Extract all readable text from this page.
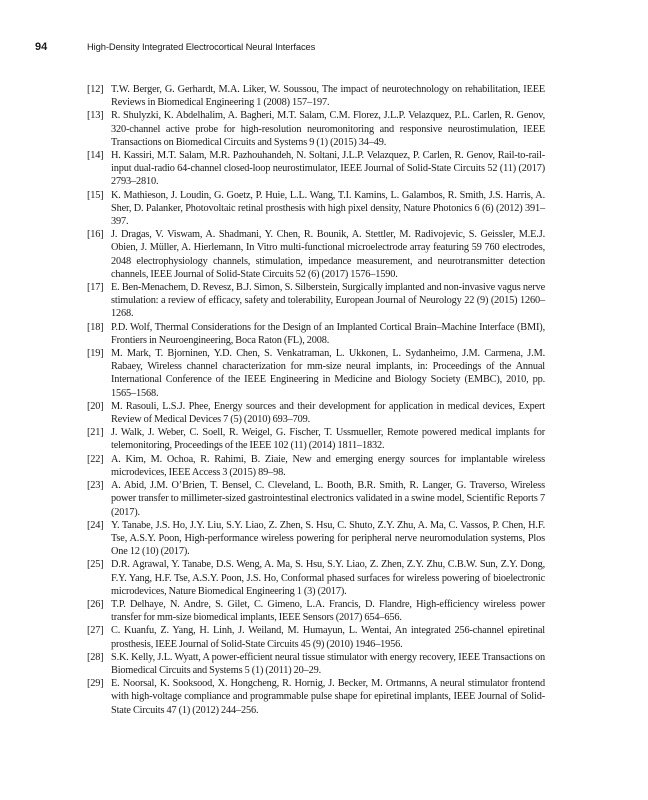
94	High-Density Integrated Electrocortical Neural Interfaces
[12] T.W. Berger, G. Gerhardt, M.A. Liker, W. Soussou, The impact of neurotechnology on rehabilitation, IEEE Reviews in Biomedical Engineering 1 (2008) 157–197.
[13] R. Shulyzki, K. Abdelhalim, A. Bagheri, M.T. Salam, C.M. Florez, J.L.P. Velazquez, P.L. Carlen, R. Genov, 320-channel active probe for high-resolution neuromonitoring and responsive neurostimulation, IEEE Transactions on Biomedical Circuits and Systems 9 (1) (2015) 34–49.
[14] H. Kassiri, M.T. Salam, M.R. Pazhouhandeh, N. Soltani, J.L.P. Velazquez, P. Carlen, R. Genov, Rail-to-rail-input dual-radio 64-channel closed-loop neurostimulator, IEEE Journal of Solid-State Circuits 52 (11) (2017) 2793–2810.
[15] K. Mathieson, J. Loudin, G. Goetz, P. Huie, L.L. Wang, T.I. Kamins, L. Galambos, R. Smith, J.S. Harris, A. Sher, D. Palanker, Photovoltaic retinal prosthesis with high pixel density, Nature Photonics 6 (6) (2012) 391–397.
[16] J. Dragas, V. Viswam, A. Shadmani, Y. Chen, R. Bounik, A. Stettler, M. Radivojevic, S. Geissler, M.E.J. Obien, J. Müller, A. Hierlemann, In Vitro multi-functional microelectrode array featuring 59 760 electrodes, 2048 electrophysiology channels, stimulation, impedance measurement, and neurotransmitter detection channels, IEEE Journal of Solid-State Circuits 52 (6) (2017) 1576–1590.
[17] E. Ben-Menachem, D. Revesz, B.J. Simon, S. Silberstein, Surgically implanted and non-invasive vagus nerve stimulation: a review of efficacy, safety and tolerability, European Journal of Neurology 22 (9) (2015) 1260–1268.
[18] P.D. Wolf, Thermal Considerations for the Design of an Implanted Cortical Brain–Machine Interface (BMI), Frontiers in Neuroengineering, Boca Raton (FL), 2008.
[19] M. Mark, T. Bjorninen, Y.D. Chen, S. Venkatraman, L. Ukkonen, L. Sydanheimo, J.M. Carmena, J.M. Rabaey, Wireless channel characterization for mm-size neural implants, in: Proceedings of the Annual International Conference of the IEEE Engineering in Medicine and Biology Society (EMBC), 2010, pp. 1565–1568.
[20] M. Rasouli, L.S.J. Phee, Energy sources and their development for application in medical devices, Expert Review of Medical Devices 7 (5) (2010) 693–709.
[21] J. Walk, J. Weber, C. Soell, R. Weigel, G. Fischer, T. Ussmueller, Remote powered medical implants for telemonitoring, Proceedings of the IEEE 102 (11) (2014) 1811–1832.
[22] A. Kim, M. Ochoa, R. Rahimi, B. Ziaie, New and emerging energy sources for implantable wireless microdevices, IEEE Access 3 (2015) 89–98.
[23] A. Abid, J.M. O’Brien, T. Bensel, C. Cleveland, L. Booth, B.R. Smith, R. Langer, G. Traverso, Wireless power transfer to millimeter-sized gastrointestinal electronics validated in a swine model, Scientific Reports 7 (2017).
[24] Y. Tanabe, J.S. Ho, J.Y. Liu, S.Y. Liao, Z. Zhen, S. Hsu, C. Shuto, Z.Y. Zhu, A. Ma, C. Vassos, P. Chen, H.F. Tse, A.S.Y. Poon, High-performance wireless powering for peripheral nerve neuromodulation systems, Plos One 12 (10) (2017).
[25] D.R. Agrawal, Y. Tanabe, D.S. Weng, A. Ma, S. Hsu, S.Y. Liao, Z. Zhen, Z.Y. Zhu, C.B.W. Sun, Z.Y. Dong, F.Y. Yang, H.F. Tse, A.S.Y. Poon, J.S. Ho, Conformal phased surfaces for wireless powering of bioelectronic microdevices, Nature Biomedical Engineering 1 (3) (2017).
[26] T.P. Delhaye, N. Andre, S. Gilet, C. Gimeno, L.A. Francis, D. Flandre, High-efficiency wireless power transfer for mm-size biomedical implants, IEEE Sensors (2017) 654–656.
[27] C. Kuanfu, Z. Yang, H. Linh, J. Weiland, M. Humayun, L. Wentai, An integrated 256-channel epiretinal prosthesis, IEEE Journal of Solid-State Circuits 45 (9) (2010) 1946–1956.
[28] S.K. Kelly, J.L. Wyatt, A power-efficient neural tissue stimulator with energy recovery, IEEE Transactions on Biomedical Circuits and Systems 5 (1) (2011) 20–29.
[29] E. Noorsal, K. Sooksood, X. Hongcheng, R. Hornig, J. Becker, M. Ortmanns, A neural stimulator frontend with high-voltage compliance and programmable pulse shape for epiretinal implants, IEEE Journal of Solid-State Circuits 47 (1) (2012) 244–256.
